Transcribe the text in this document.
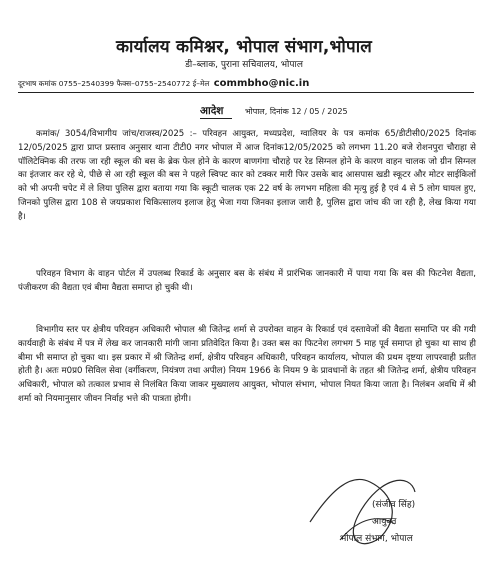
कार्यालय कमिश्नर, भोपाल संभाग,भोपाल
डी–ब्लाक, पुराना सचिवालय, भोपाल
दूरभाष कमांक 0755–2540399 फैक्स–0755–2540772 ई–मेल commbho@nic.in
आदेश	भोपाल, दिनांक 12 / 05 / 2025
कमांक/ 3054/विभागीय जांच/राजस्व/2025 :– परिवहन आयुक्त, मध्यप्रदेश, ग्वालियर के पत्र कमांक 65/डीटीसी0/2025 दिनांक 12/05/2025 द्वारा प्राप्त प्रस्ताव अनुसार थाना टीटी0 नगर भोपाल में आज दिनांक12/05/2025 को लगभग 11.20 बजे रोशनपुरा चौराहा से पॉलिटेक्निक की तरफ जा रही स्कूल की बस के ब्रेक फेल होने के कारण बाणगंगा चौराहे पर रेड सिग्नल होने के कारण वाहन चालक जो ग्रीन सिग्नल का इंतजार कर रहे थे, पीछे से आ रही स्कूल की बस ने पहले स्विफ्ट कार को टक्कर मारी फिर उसके बाद आसपास खडी स्कूटर और मोटर साईकिलों को भी अपनी चपेट में ले लिया पुलिस द्वारा बताया गया कि स्कूटी चालक एक 22 वर्ष के लगभग महिला की मृत्यु हुई है एवं 4 से 5 लोग घायल हुए, जिनको पुलिस द्वारा 108 से जयप्रकाश चिकित्सालय इलाज हेतु भेजा गया जिनका इलाज जारी है, पुलिस द्वारा जांच की जा रही है, लेख किया गया है।
परिवहन विभाग के वाहन पोर्टल में उपलब्ध रिकार्ड के अनुसार बस के संबंध में प्रारंभिक जानकारी में पाया गया कि बस की फिटनेश वैद्यता, पंजीकरण की वैद्यता एवं बीमा वैद्यता समाप्त हो चुकी थी।
विभागीय स्तर पर क्षेत्रीय परिवहन अधिकारी भोपाल श्री जितेन्द्र शर्मा से उपरोक्त वाहन के रिकार्ड एवं दस्तावेजों की वैद्यता समाप्ति पर की गयी कार्यवाही के संबंध में पत्र में लेख कर जानकारी मांगी जाना प्रतिवेदित किया है। उक्त बस का फिटनेश लगभग 5 माह पूर्व समाप्त हो चुका था साथ ही बीमा भी समाप्त हो चुका था। इस प्रकार में श्री जितेन्द्र शर्मा, क्षेत्रीय परिवहन अधिकारी, परिवहन कार्यालय, भोपाल की प्रथम दृष्टया लापरवाही प्रतीत होती है। अतः म0प्र0 सिविल सेवा (वर्गीकरण, नियंत्रण तथा अपील) नियम 1966 के नियम 9 के प्रावधानों के तहत श्री जितेन्द्र शर्मा, क्षेत्रीय परिवहन अधिकारी, भोपाल को तत्काल प्रभाव से निलंबित किया जाकर मुख्यालय आयुक्त, भोपाल संभाग, भोपाल नियत किया जाता है। निलंबन अवधि में श्री शर्मा को नियमानुसार जीवन निर्वाह भत्ते की पात्रता होगी।
(संजीव सिंह)
आयुक्त
भोपाल संभाग, भोपाल
